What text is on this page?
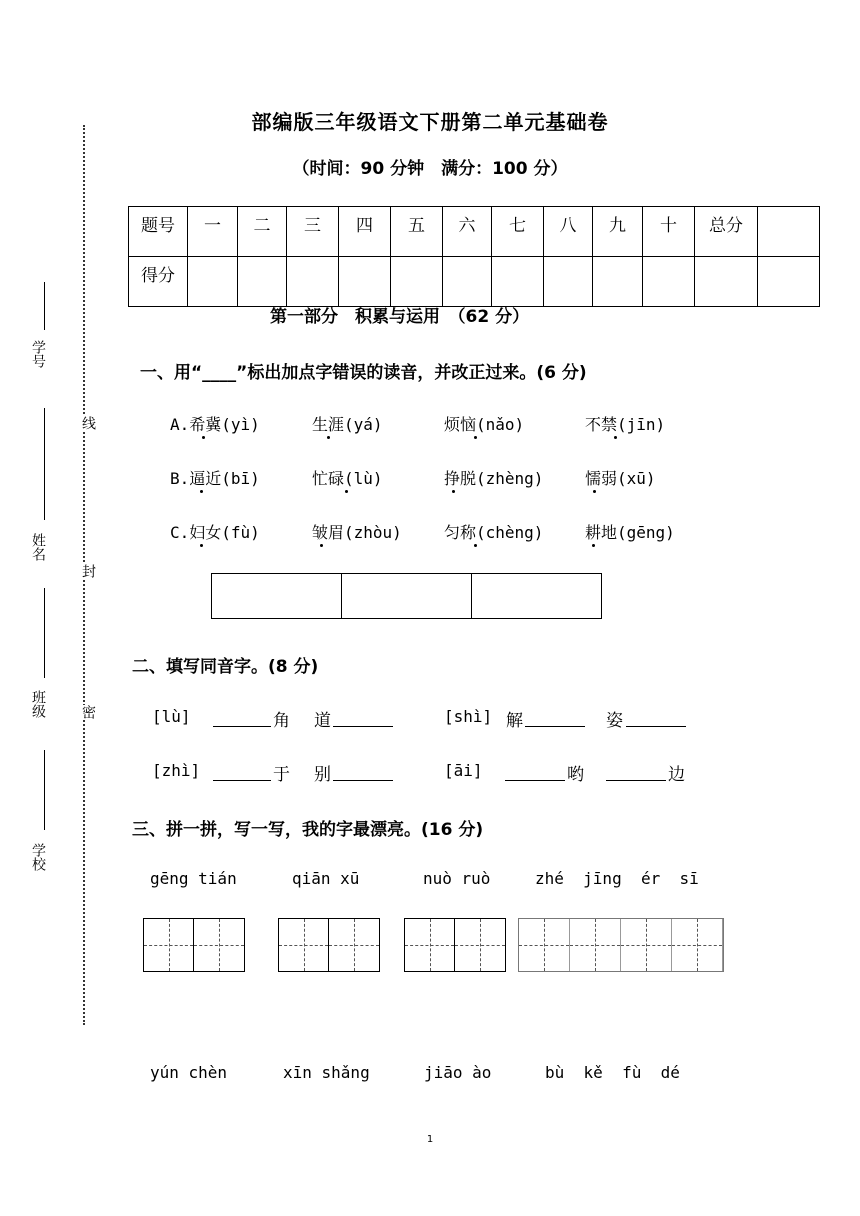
学号
线
姓名
封
班级 密
学校
部编版三年级语文下册第二单元基础卷
（时间：90 分钟　满分：100 分）
题号	一	二	三	四	五	六	七	八	九	十	总分	
得分												
第一部分　积累与运用　（62 分）
一、用“____”标出加点字错误的读音，并改正过来。(6 分)
A.希冀(yì)	生涯(yá)	烦恼(nǎo)	不禁(jīn)
B.逼近(bī)	忙碌(lù)	挣脱(zhèng)	懦弱(xū)
C.妇女(fù)	皱眉(zhòu)	匀称(chèng)	耕地(gēng)
二、填写同音字。(8 分)
[lù]	角 道	[shì] 解	姿
[zhì]	于 别	[āi]	哟	边
三、拼一拼，写一写，我的字最漂亮。(16 分)
gēng tián	qiān xū	nuò ruò	zhé  jīng  ér  sī
yún chèn	xīn shǎng	jiāo ào	bù  kě  fù  dé
1
